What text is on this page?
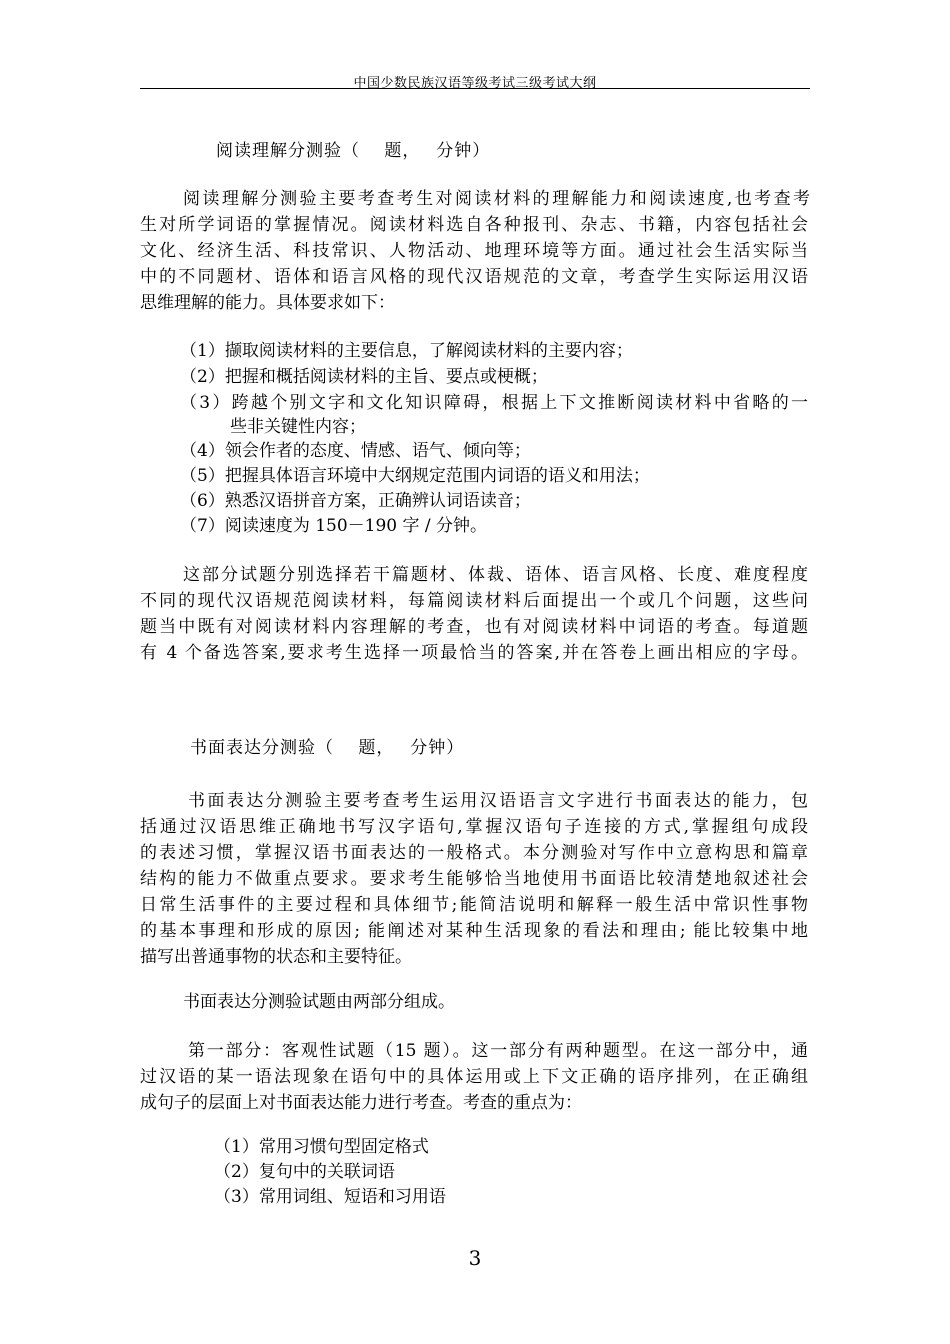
中国少数民族汉语等级考试三级考试大纲
阅读理解分测验（　 题，　 分钟）
阅读理解分测验主要考查考生对阅读材料的理解能力和阅读速度,也考查考
生对所学词语的掌握情况。阅读材料选自各种报刊、杂志、书籍，内容包括社会
文化、经济生活、科技常识、人物活动、地理环境等方面。通过社会生活实际当
中的不同题材、语体和语言风格的现代汉语规范的文章，考查学生实际运用汉语
思维理解的能力。具体要求如下：
（1）撷取阅读材料的主要信息，了解阅读材料的主要内容；
（2）把握和概括阅读材料的主旨、要点或梗概；
（3）跨越个别文字和文化知识障碍，根据上下文推断阅读材料中省略的一
些非关键性内容；
（4）领会作者的态度、情感、语气、倾向等；
（5）把握具体语言环境中大纲规定范围内词语的语义和用法；
（6）熟悉汉语拼音方案，正确辨认词语读音；
（7）阅读速度为 150－190 字 / 分钟。
这部分试题分别选择若干篇题材、体裁、语体、语言风格、长度、难度程度
不同的现代汉语规范阅读材料，每篇阅读材料后面提出一个或几个问题，这些问
题当中既有对阅读材料内容理解的考查，也有对阅读材料中词语的考查。每道题
有 4 个备选答案,要求考生选择一项最恰当的答案,并在答卷上画出相应的字母。
书面表达分测验（　 题，　 分钟）
书面表达分测验主要考查考生运用汉语语言文字进行书面表达的能力，包
括通过汉语思维正确地书写汉字语句,掌握汉语句子连接的方式,掌握组句成段
的表述习惯，掌握汉语书面表达的一般格式。本分测验对写作中立意构思和篇章
结构的能力不做重点要求。要求考生能够恰当地使用书面语比较清楚地叙述社会
日常生活事件的主要过程和具体细节;能简洁说明和解释一般生活中常识性事物
的基本事理和形成的原因; 能阐述对某种生活现象的看法和理由; 能比较集中地
描写出普通事物的状态和主要特征。
书面表达分测验试题由两部分组成。
第一部分：客观性试题（15 题）。这一部分有两种题型。在这一部分中，通
过汉语的某一语法现象在语句中的具体运用或上下文正确的语序排列，在正确组
成句子的层面上对书面表达能力进行考查。考查的重点为：
（1）常用习惯句型固定格式
（2）复句中的关联词语
（3）常用词组、短语和习用语
3
